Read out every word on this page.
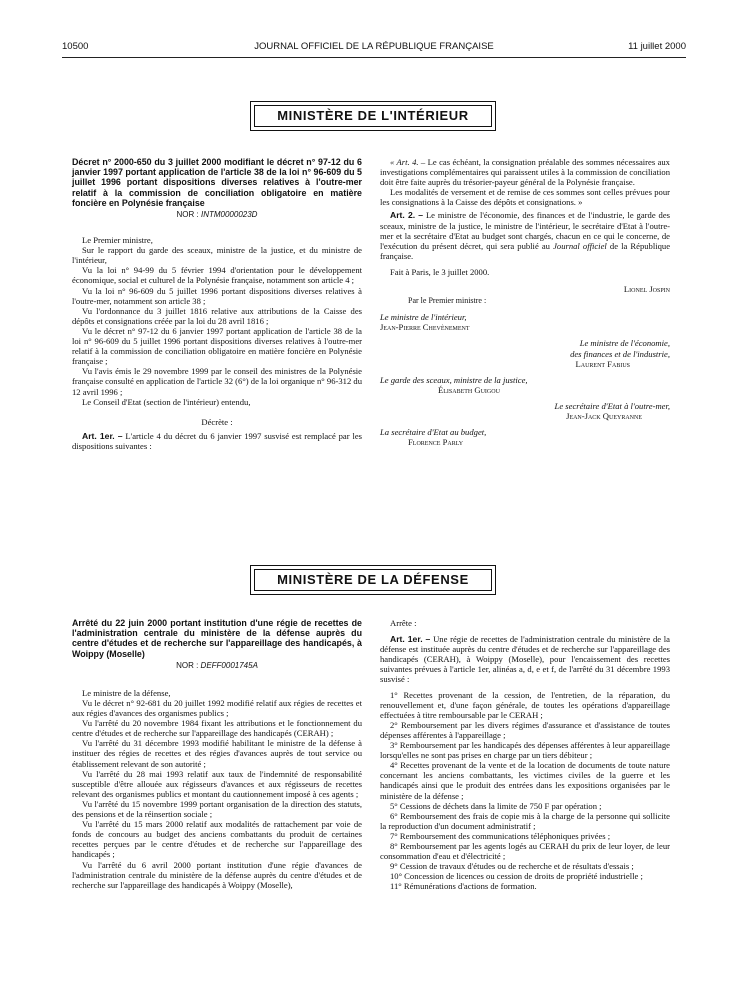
10500	JOURNAL OFFICIEL DE LA RÉPUBLIQUE FRANÇAISE	11 juillet 2000
MINISTÈRE DE L'INTÉRIEUR
Décret n° 2000-650 du 3 juillet 2000 modifiant le décret n° 97-12 du 6 janvier 1997 portant application de l'article 38 de la loi n° 96-609 du 5 juillet 1996 portant dispositions diverses relatives à l'outre-mer relatif à la commission de conciliation obligatoire en matière foncière en Polynésie française
NOR : INTM0000023D

Le Premier ministre,

Sur le rapport du garde des sceaux, ministre de la justice, et du ministre de l'intérieur,

Vu la loi n° 94-99 du 5 février 1994 d'orientation pour le développement économique, social et culturel de la Polynésie française, notamment son article 4 ;

Vu la loi n° 96-609 du 5 juillet 1996 portant dispositions diverses relatives à l'outre-mer, notamment son article 38 ;

Vu l'ordonnance du 3 juillet 1816 relative aux attributions de la Caisse des dépôts et consignations créée par la loi du 28 avril 1816 ;

Vu le décret n° 97-12 du 6 janvier 1997 portant application de l'article 38 de la loi n° 96-609 du 5 juillet 1996 portant dispositions diverses relatives à l'outre-mer relatif à la commission de conciliation obligatoire en matière foncière en Polynésie française ;

Vu l'avis émis le 29 novembre 1999 par le conseil des ministres de la Polynésie française consulté en application de l'article 32 (6°) de la loi organique n° 96-312 du 12 avril 1996 ;

Le Conseil d'Etat (section de l'intérieur) entendu,

Décrète :

Art. 1er. – L'article 4 du décret du 6 janvier 1997 susvisé est remplacé par les dispositions suivantes :

« Art. 4. – Le cas échéant, la consignation préalable des sommes nécessaires aux investigations complémentaires qui paraissent utiles à la commission de conciliation doit être faite auprès du trésorier-payeur général de la Polynésie française.

Les modalités de versement et de remise de ces sommes sont celles prévues pour les consignations à la Caisse des dépôts et consignations. »

Art. 2. – Le ministre de l'économie, des finances et de l'industrie, le garde des sceaux, ministre de la justice, le ministre de l'intérieur, le secrétaire d'Etat à l'outre-mer et la secrétaire d'Etat au budget sont chargés, chacun en ce qui le concerne, de l'exécution du présent décret, qui sera publié au Journal officiel de la République française.

Fait à Paris, le 3 juillet 2000.

Lionel Jospin
Par le Premier ministre :
Le ministre de l'intérieur,
Jean-Pierre Chevènement
Le ministre de l'économie,
des finances et de l'industrie,
Laurent Fabius
Le garde des sceaux, ministre de la justice,
Élisabeth Guigou
Le secrétaire d'Etat à l'outre-mer,
Jean-Jack Queyranne
La secrétaire d'Etat au budget,
Florence Parly
MINISTÈRE DE LA DÉFENSE
Arrêté du 22 juin 2000 portant institution d'une régie de recettes de l'administration centrale du ministère de la défense auprès du centre d'études et de recherche sur l'appareillage des handicapés, à Woippy (Moselle)
NOR : DEFF0001745A

Le ministre de la défense,

Vu le décret n° 92-681 du 20 juillet 1992 modifié relatif aux régies de recettes et aux régies d'avances des organismes publics ;

Vu l'arrêté du 20 novembre 1984 fixant les attributions et le fonctionnement du centre d'études et de recherche sur l'appareillage des handicapés (CERAH) ;

Vu l'arrêté du 31 décembre 1993 modifié habilitant le ministre de la défense à instituer des régies de recettes et des régies d'avances auprès de tout service ou établissement relevant de son autorité ;

Vu l'arrêté du 28 mai 1993 relatif aux taux de l'indemnité de responsabilité susceptible d'être allouée aux régisseurs d'avances et aux régisseurs de recettes relevant des organismes publics et montant du cautionnement imposé à ces agents ;

Vu l'arrêté du 15 novembre 1999 portant organisation de la direction des statuts, des pensions et de la réinsertion sociale ;

Vu l'arrêté du 15 mars 2000 relatif aux modalités de rattachement par voie de fonds de concours au budget des anciens combattants du produit de certaines recettes perçues par le centre d'études et de recherche sur l'appareillage des handicapés ;

Vu l'arrêté du 6 avril 2000 portant institution d'une régie d'avances de l'administration centrale du ministère de la défense auprès du centre d'études et de recherche sur l'appareillage des handicapés à Woippy (Moselle),

Arrête :

Art. 1er. – Une régie de recettes de l'administration centrale du ministère de la défense est instituée auprès du centre d'études et de recherche sur l'appareillage des handicapés (CERAH), à Woippy (Moselle), pour l'encaissement des recettes suivantes prévues à l'article 1er, alinéas a, d, e et f, de l'arrêté du 31 décembre 1993 susvisé :

1° Recettes provenant de la cession, de l'entretien, de la réparation, du renouvellement et, d'une façon générale, de toutes les opérations d'appareillage effectuées à titre remboursable par le CERAH ;

2° Remboursement par les divers régimes d'assurance et d'assistance de toutes dépenses afférentes à l'appareillage ;

3° Remboursement par les handicapés des dépenses afférentes à leur appareillage lorsqu'elles ne sont pas prises en charge par un tiers débiteur ;

4° Recettes provenant de la vente et de la location de documents de toute nature concernant les anciens combattants, les victimes civiles de la guerre et les handicapés ainsi que le produit des entrées dans les expositions organisées par le ministère de la défense ;

5° Cessions de déchets dans la limite de 750 F par opération ;

6° Remboursement des frais de copie mis à la charge de la personne qui sollicite la reproduction d'un document administratif ;

7° Remboursement des communications téléphoniques privées ;

8° Remboursement par les agents logés au CERAH du prix de leur loyer, de leur consommation d'eau et d'électricité ;

9° Cession de travaux d'études ou de recherche et de résultats d'essais ;

10° Concession de licences ou cession de droits de propriété industrielle ;

11° Rémunérations d'actions de formation.
